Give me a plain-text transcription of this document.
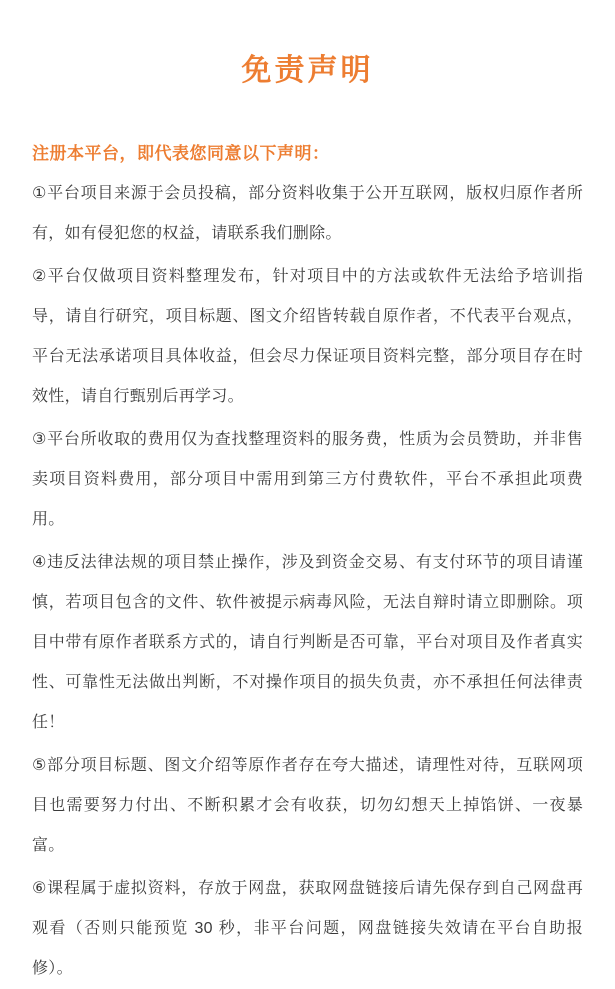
免责声明

注册本平台，即代表您同意以下声明：

①平台项目来源于会员投稿，部分资料收集于公开互联网，版权归原作者所有，如有侵犯您的权益，请联系我们删除。

②平台仅做项目资料整理发布，针对项目中的方法或软件无法给予培训指导，请自行研究，项目标题、图文介绍皆转载自原作者，不代表平台观点，平台无法承诺项目具体收益，但会尽力保证项目资料完整，部分项目存在时效性，请自行甄别后再学习。

③平台所收取的费用仅为查找整理资料的服务费，性质为会员赞助，并非售卖项目资料费用，部分项目中需用到第三方付费软件，平台不承担此项费用。

④违反法律法规的项目禁止操作，涉及到资金交易、有支付环节的项目请谨慎，若项目包含的文件、软件被提示病毒风险，无法自辩时请立即删除。项目中带有原作者联系方式的，请自行判断是否可靠，平台对项目及作者真实性、可靠性无法做出判断，不对操作项目的损失负责，亦不承担任何法律责任！

⑤部分项目标题、图文介绍等原作者存在夸大描述，请理性对待，互联网项目也需要努力付出、不断积累才会有收获，切勿幻想天上掉馅饼、一夜暴富。

⑥课程属于虚拟资料，存放于网盘，获取网盘链接后请先保存到自己网盘再观看（否则只能预览 30 秒，非平台问题，网盘链接失效请在平台自助报修）。
